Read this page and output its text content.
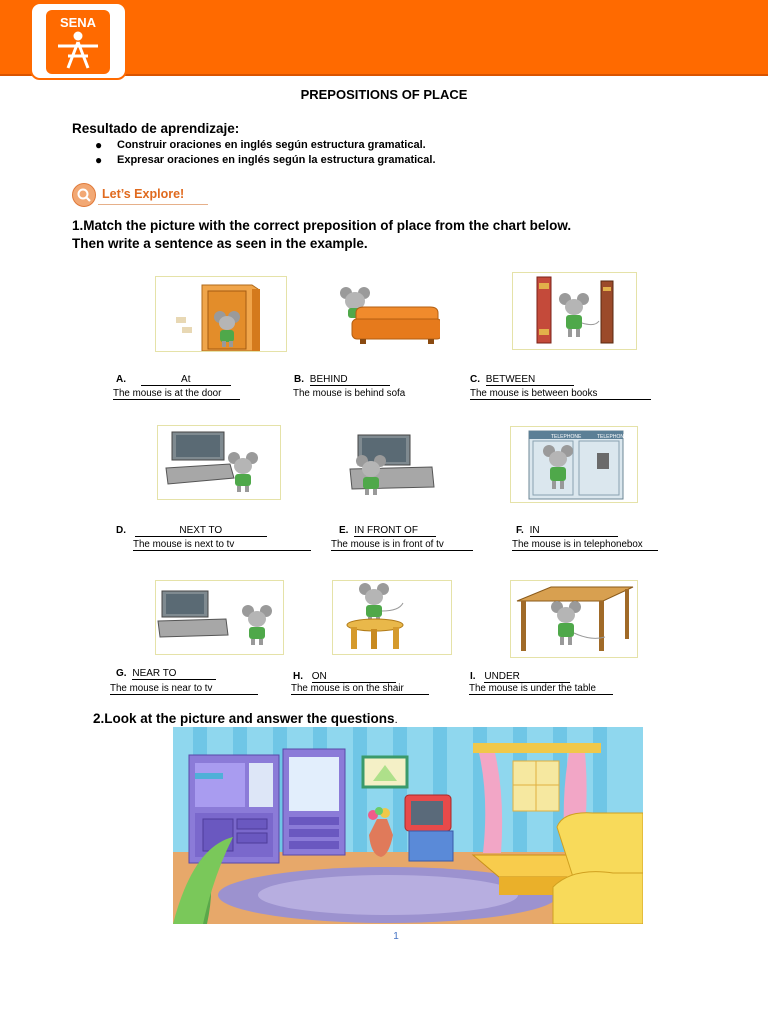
SENA
PREPOSITIONS OF PLACE
Resultado de aprendizaje:
● Construir oraciones en inglés según estructura gramatical.
● Expresar oraciones en inglés según la estructura gramatical.
Let’s Explore!
1.Match the picture with the correct preposition of place from the chart below.
Then write a sentence as seen in the example.
A.	At
The mouse is at the door
B. BEHIND
The mouse is behind sofa
C. BETWEEN
The mouse is between books
TELEPHONE	TELEPHONE
D.	NEXT TO
The mouse is next to tv
E. IN FRONT OF
The mouse is in front of tv
F. IN
The mouse is in telephonebox
G. NEAR TO
The mouse is near to tv
H. ON
The mouse is on the shair
I. UNDER
The mouse is under the table
2.Look at the picture and answer the questions.
1
